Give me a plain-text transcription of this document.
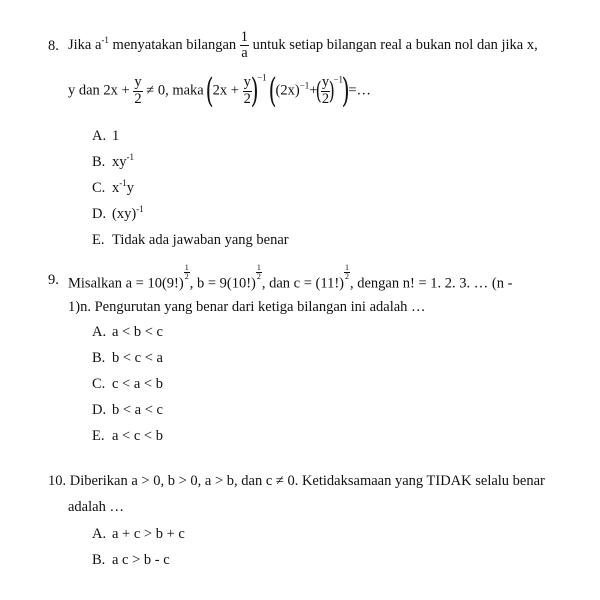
8. Jika $a^{-1}$ menyatakan bilangan $\frac{1}{a}$ untuk setiap bilangan real a bukan nol dan jika x,
y dan $2x + \frac{y}{2} \ne 0$, maka ($2x + \frac{y}{2}$
)$^{-1}$ ($(2x)^{-1}+$(
$\frac{y}{2}$
)$^{-1}$)=…
A. 1
B. $xy^{-1}$
C. $x^{-1}y$
D. (xy)$^{-1}$
E. Tidak ada jawaban yang benar
9. Misalkan a = 10(9!)
$\frac{1}{2}$
, b = 9(10!)
$\frac{1}{2}$
, dan c = (11!)
$\frac{1}{2}$
, dengan n! = 1. 2. 3. … (n -
1)n. Pengurutan yang benar dari ketiga bilangan ini adalah …
A. a < b < c
B. b < c < a
C. c < a < b
D. b < a < c
E. a < c < b
10. Diberikan a > 0, b > 0, a > b, dan c ≠ 0. Ketidaksamaan yang TIDAK selalu benar
adalah …
A. a + c > b + c
B. a c > b - c
